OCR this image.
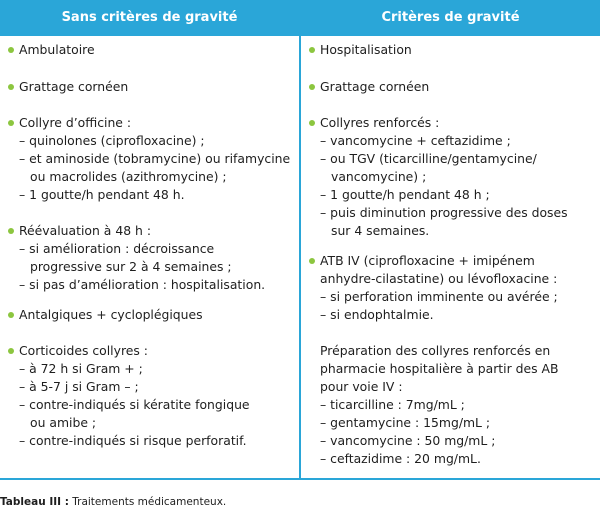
Sans critères de gravité	Critères de gravité
Ambulatoire
Grattage cornéen
Collyre d’officine :
– quinolones (ciprofloxacine) ;
– et aminoside (tobramycine) ou rifamycine
ou macrolides (azithromycine) ;
– 1 goutte/h pendant 48 h.
Réévaluation à 48 h :
– si amélioration : décroissance
progressive sur 2 à 4 semaines ;
– si pas d’amélioration : hospitalisation.
Antalgiques + cycloplégiques
Corticoides collyres :
– à 72 h si Gram + ;
– à 5-7 j si Gram – ;
– contre-indiqués si kératite fongique
ou amibe ;
– contre-indiqués si risque perforatif.
Hospitalisation
Grattage cornéen
Collyres renforcés :
– vancomycine + ceftazidime ;
– ou TGV (ticarcilline/gentamycine/
vancomycine) ;
– 1 goutte/h pendant 48 h ;
– puis diminution progressive des doses
sur 4 semaines.
ATB IV (ciprofloxacine + imipénem
anhydre-cilastatine) ou lévofloxacine :
– si perforation imminente ou avérée ;
– si endophtalmie.
Préparation des collyres renforcés en
pharmacie hospitalière à partir des AB
pour voie IV :
– ticarcilline : 7mg/mL ;
– gentamycine : 15mg/mL ;
– vancomycine : 50 mg/mL ;
– ceftazidime : 20 mg/mL.
Tableau III : Traitements médicamenteux.
